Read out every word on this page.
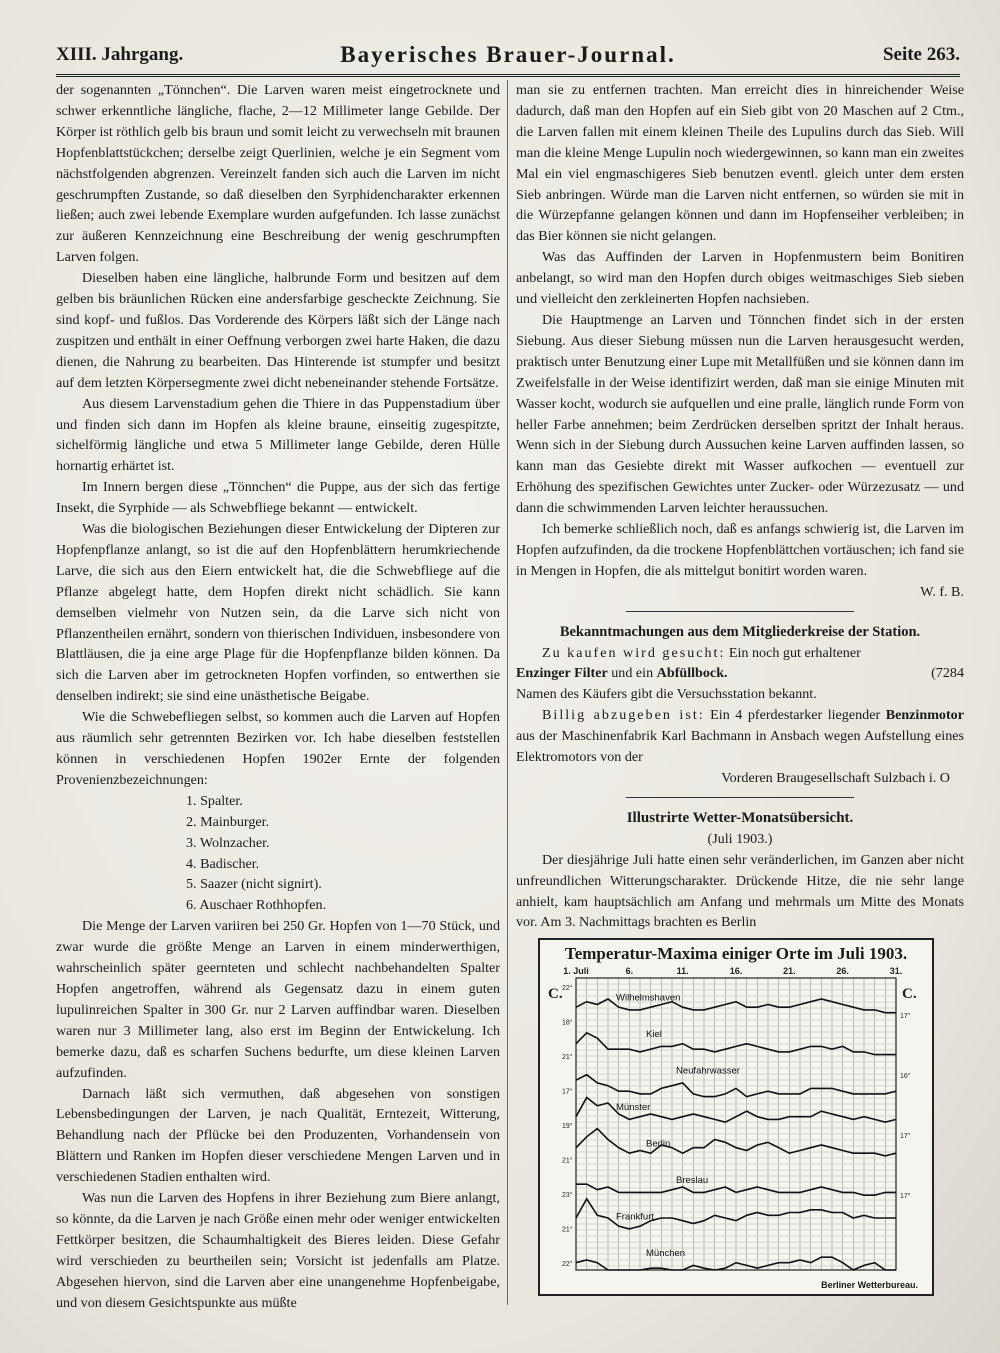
XIII. Jahrgang.	Bayerisches Brauer-Journal.	Seite 263.

der sogenannten „Tönnchen“. Die Larven waren meist eingetrocknete und schwer erkenntliche längliche, flache, 2—12 Millimeter lange Gebilde. Der Körper ist röthlich gelb bis braun und somit leicht zu verwechseln mit braunen Hopfenblattstückchen; derselbe zeigt Querlinien, welche je ein Segment vom nächstfolgenden abgrenzen. Vereinzelt fanden sich auch die Larven im nicht geschrumpften Zustande, so daß dieselben den Syrphidencharakter erkennen ließen; auch zwei lebende Exemplare wurden aufgefunden. Ich lasse zunächst zur äußeren Kennzeichnung eine Beschreibung der wenig geschrumpften Larven folgen.

Dieselben haben eine längliche, halbrunde Form und besitzen auf dem gelben bis bräunlichen Rücken eine andersfarbige gescheckte Zeichnung. Sie sind kopf- und fußlos. Das Vorderende des Körpers läßt sich der Länge nach zuspitzen und enthält in einer Oeffnung verborgen zwei harte Haken, die dazu dienen, die Nahrung zu bearbeiten. Das Hinterende ist stumpfer und besitzt auf dem letzten Körpersegmente zwei dicht nebeneinander stehende Fortsätze.

Aus diesem Larvenstadium gehen die Thiere in das Puppenstadium über und finden sich dann im Hopfen als kleine braune, einseitig zugespitzte, sichelförmig längliche und etwa 5 Millimeter lange Gebilde, deren Hülle hornartig erhärtet ist.

Im Innern bergen diese „Tönnchen“ die Puppe, aus der sich das fertige Insekt, die Syrphide — als Schwebfliege bekannt — entwickelt.

Was die biologischen Beziehungen dieser Entwickelung der Dipteren zur Hopfenpflanze anlangt, so ist die auf den Hopfenblättern herumkriechende Larve, die sich aus den Eiern entwickelt hat, die die Schwebfliege auf die Pflanze abgelegt hatte, dem Hopfen direkt nicht schädlich. Sie kann demselben vielmehr von Nutzen sein, da die Larve sich nicht von Pflanzentheilen ernährt, sondern von thierischen Individuen, insbesondere von Blattläusen, die ja eine arge Plage für die Hopfenpflanze bilden können. Da sich die Larven aber im getrockneten Hopfen vorfinden, so entwerthen sie denselben indirekt; sie sind eine unästhetische Beigabe.

Wie die Schwebefliegen selbst, so kommen auch die Larven auf Hopfen aus räumlich sehr getrennten Bezirken vor. Ich habe dieselben feststellen können in verschiedenen Hopfen 1902er Ernte der folgenden Provenienzbezeichnungen:

1. Spalter.
2. Mainburger.
3. Wolnzacher.
4. Badischer.
5. Saazer (nicht signirt).
6. Auschaer Rothhopfen.

Die Menge der Larven variiren bei 250 Gr. Hopfen von 1—70 Stück, und zwar wurde die größte Menge an Larven in einem minderwerthigen, wahrscheinlich später geernteten und schlecht nachbehandelten Spalter Hopfen angetroffen, während als Gegensatz dazu in einem guten lupulinreichen Spalter in 300 Gr. nur 2 Larven auffindbar waren. Dieselben waren nur 3 Millimeter lang, also erst im Beginn der Entwickelung. Ich bemerke dazu, daß es scharfen Suchens bedurfte, um diese kleinen Larven aufzufinden.

Darnach läßt sich vermuthen, daß abgesehen von sonstigen Lebensbedingungen der Larven, je nach Qualität, Erntezeit, Witterung, Behandlung nach der Pflücke bei den Produzenten, Vorhandensein von Blättern und Ranken im Hopfen dieser verschiedene Mengen Larven und in verschiedenen Stadien enthalten wird.

Was nun die Larven des Hopfens in ihrer Beziehung zum Biere anlangt, so könnte, da die Larven je nach Größe einen mehr oder weniger entwickelten Fettkörper besitzen, die Schaumhaltigkeit des Bieres leiden. Diese Gefahr wird verschieden zu beurtheilen sein; Vorsicht ist jedenfalls am Platze. Abgesehen hiervon, sind die Larven aber eine unangenehme Hopfenbeigabe, und von diesem Gesichtspunkte aus müßte

man sie zu entfernen trachten. Man erreicht dies in hinreichender Weise dadurch, daß man den Hopfen auf ein Sieb gibt von 20 Maschen auf 2 Ctm., die Larven fallen mit einem kleinen Theile des Lupulins durch das Sieb. Will man die kleine Menge Lupulin noch wiedergewinnen, so kann man ein zweites Mal ein viel engmaschigeres Sieb benutzen eventl. gleich unter dem ersten Sieb anbringen. Würde man die Larven nicht entfernen, so würden sie mit in die Würzepfanne gelangen können und dann im Hopfenseiher verbleiben; in das Bier können sie nicht gelangen.

Was das Auffinden der Larven in Hopfenmustern beim Bonitiren anbelangt, so wird man den Hopfen durch obiges weitmaschiges Sieb sieben und vielleicht den zerkleinerten Hopfen nachsieben.

Die Hauptmenge an Larven und Tönnchen findet sich in der ersten Siebung. Aus dieser Siebung müssen nun die Larven herausgesucht werden, praktisch unter Benutzung einer Lupe mit Metallfüßen und sie können dann im Zweifelsfalle in der Weise identifizirt werden, daß man sie einige Minuten mit Wasser kocht, wodurch sie aufquellen und eine pralle, länglich runde Form von heller Farbe annehmen; beim Zerdrücken derselben spritzt der Inhalt heraus. Wenn sich in der Siebung durch Aussuchen keine Larven auffinden lassen, so kann man das Gesiebte direkt mit Wasser aufkochen — eventuell zur Erhöhung des spezifischen Gewichtes unter Zucker- oder Würzezusatz — und dann die schwimmenden Larven leichter heraussuchen.

Ich bemerke schließlich noch, daß es anfangs schwierig ist, die Larven im Hopfen aufzufinden, da die trockene Hopfenblättchen vortäuschen; ich fand sie in Mengen in Hopfen, die als mittelgut bonitirt worden waren.

W. f. B.

Bekanntmachungen aus dem Mitgliederkreise der Station.

Zu kaufen wird gesucht: Ein noch gut erhaltener
Enzinger Filter und ein Abfüllbock.	(7284

Namen des Käufers gibt die Versuchsstation bekannt.

Billig abzugeben ist: Ein 4 pferdestarker liegender Benzinmotor aus der Maschinenfabrik Karl Bachmann in Ansbach wegen Aufstellung eines Elektromotors von der

Vorderen Braugesellschaft Sulzbach i. O

Illustrirte Wetter-Monatsübersicht.

(Juli 1903.)

Der diesjährige Juli hatte einen sehr veränderlichen, im Ganzen aber nicht unfreundlichen Witterungscharakter. Drückende Hitze, die nie sehr lange anhielt, kam hauptsächlich am Anfang und mehrmals um Mitte des Monats vor. Am 3. Nachmittags brachten es Berlin

Temperatur-Maxima einiger Orte im Juli 1903.
1. Juli	6.	11.	16.	21.	26.	31.
C.	C.
Wilhelmshaven
Kiel
Neufahrwasser
Münster
Berlin
Breslau
Frankfurt
München
22°
18°
21°
17°
19°
21°
23°
21°
22°
17°
16°
17°
17°
Berliner Wetterbureau.
